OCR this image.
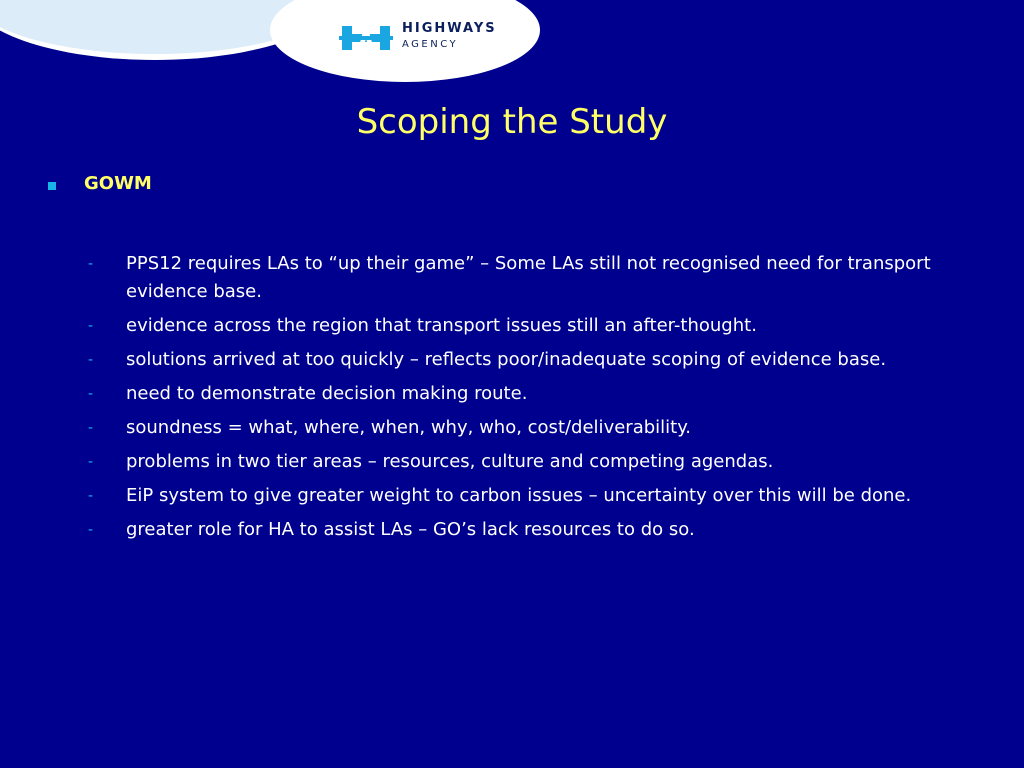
HIGHWAYS
AGENCY
Scoping the Study
GOWM
- PPS12 requires LAs to “up their game” – Some LAs still not recognised need for transport evidence base.
- evidence across the region that transport issues still an after-thought.
- solutions arrived at too quickly – reflects poor/inadequate scoping of evidence base.
- need to demonstrate decision making route.
- soundness = what, where, when, why, who, cost/deliverability.
- problems in two tier areas – resources, culture and competing agendas.
- EiP system to give greater weight to carbon issues – uncertainty over this will be done.
- greater role for HA to assist LAs – GO’s lack resources to do so.
